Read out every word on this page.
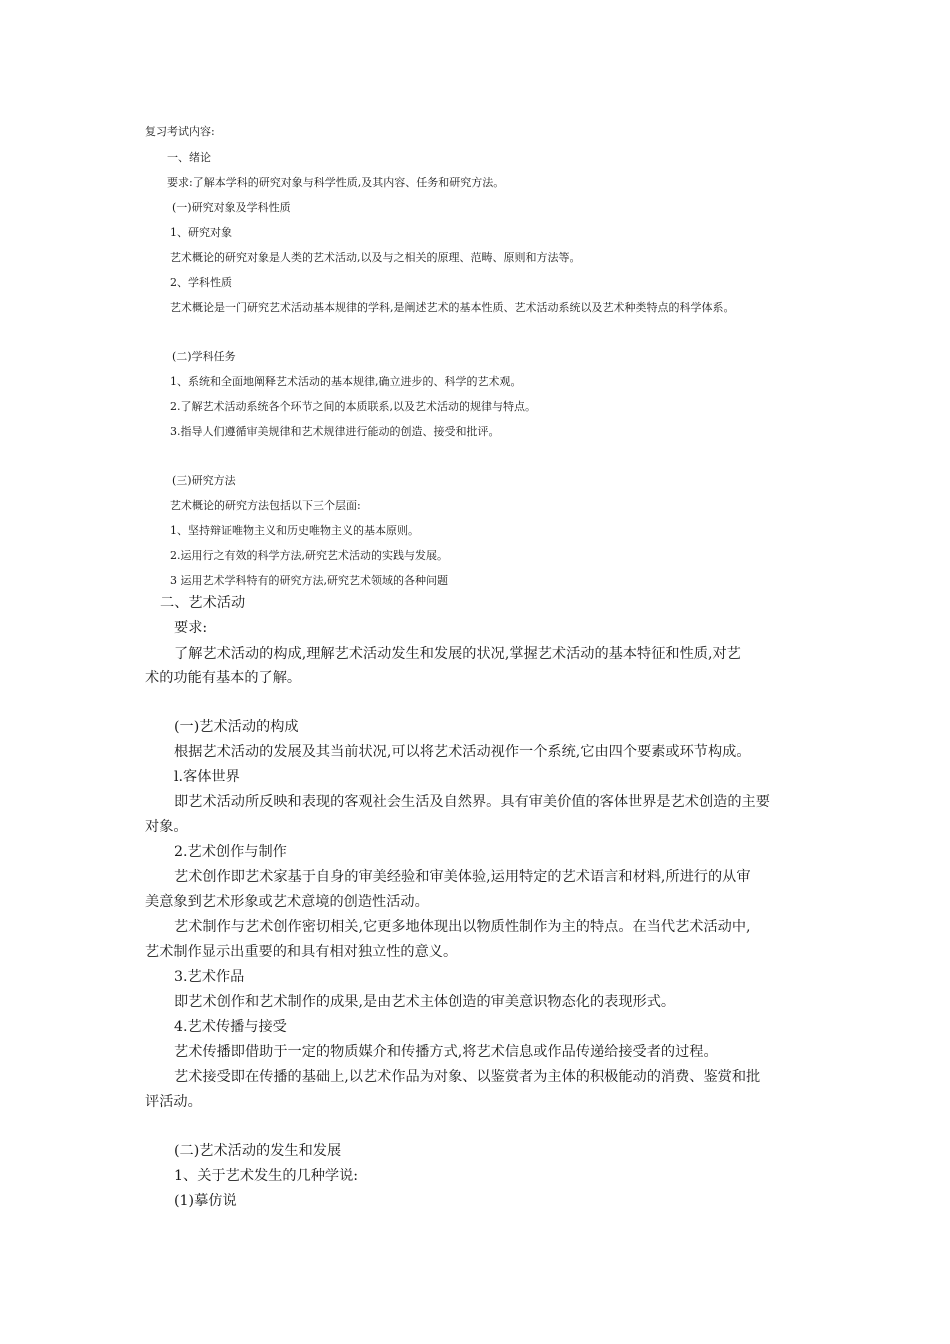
复习考试内容:

一、绪论

要求:了解本学科的研究对象与科学性质,及其内容、任务和研究方法。

(一)研究对象及学科性质

1、研究对象

艺术概论的研究对象是人类的艺术活动,以及与之相关的原理、范畴、原则和方法等。

2、学科性质

艺术概论是一门研究艺术活动基本规律的学科,是阐述艺术的基本性质、艺术活动系统以及艺术种类特点的科学体系。

(二)学科任务

1、系统和全面地阐释艺术活动的基本规律,确立进步的、科学的艺术观。

2.了解艺术活动系统各个环节之间的本质联系,以及艺术活动的规律与特点。

3.指导人们遵循审美规律和艺术规律进行能动的创造、接受和批评。

(三)研究方法

艺术概论的研究方法包括以下三个层面:

1、坚持辩证唯物主义和历史唯物主义的基本原则。

2.运用行之有效的科学方法,研究艺术活动的实践与发展。

3 运用艺术学科特有的研究方法,研究艺术领域的各种问题

二、艺术活动

要求:

了解艺术活动的构成,理解艺术活动发生和发展的状况,掌握艺术活动的基本特征和性质,对艺

术的功能有基本的了解。

(一)艺术活动的构成

根据艺术活动的发展及其当前状况,可以将艺术活动视作一个系统,它由四个要素或环节构成。

l.客体世界

即艺术活动所反映和表现的客观社会生活及自然界。具有审美价值的客体世界是艺术创造的主要

对象。

2.艺术创作与制作

艺术创作即艺术家基于自身的审美经验和审美体验,运用特定的艺术语言和材料,所进行的从审

美意象到艺术形象或艺术意境的创造性活动。

艺术制作与艺术创作密切相关,它更多地体现出以物质性制作为主的特点。在当代艺术活动中,

艺术制作显示出重要的和具有相对独立性的意义。

3.艺术作品

即艺术创作和艺术制作的成果,是由艺术主体创造的审美意识物态化的表现形式。

4.艺术传播与接受

艺术传播即借助于一定的物质媒介和传播方式,将艺术信息或作品传递给接受者的过程。

艺术接受即在传播的基础上,以艺术作品为对象、以鉴赏者为主体的积极能动的消费、鉴赏和批

评活动。

(二)艺术活动的发生和发展

1、关于艺术发生的几种学说:

(1)摹仿说
